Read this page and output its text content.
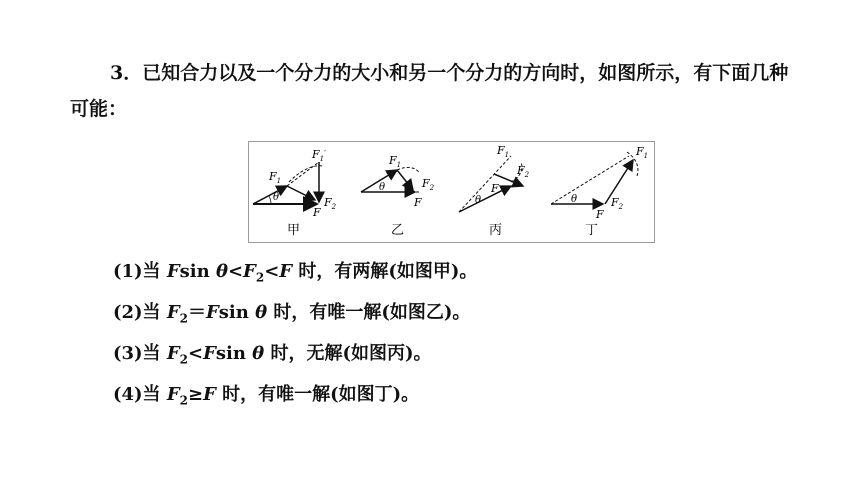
3．已知合力以及一个分力的大小和另一个分力的方向时，如图所示，有下面几种可能：
θ
$F_1$
$F_1'$
$F_2$
F
甲
θ
$F_1$
$F_2$
F
乙
θ
$F_1$
$F_2$
F
丙
θ
$F_1$
$F_2$
F
丁
(1)当 Fsin $\theta<F_2<F$ 时，有两解(如图甲)。
(2)当 $F_2=Fsin$ θ 时，有唯一解(如图乙)。
(3)当 $F_2<Fsin$ θ 时，无解(如图丙)。
(4)当 $F_2\ge F$ 时，有唯一解(如图丁)。
